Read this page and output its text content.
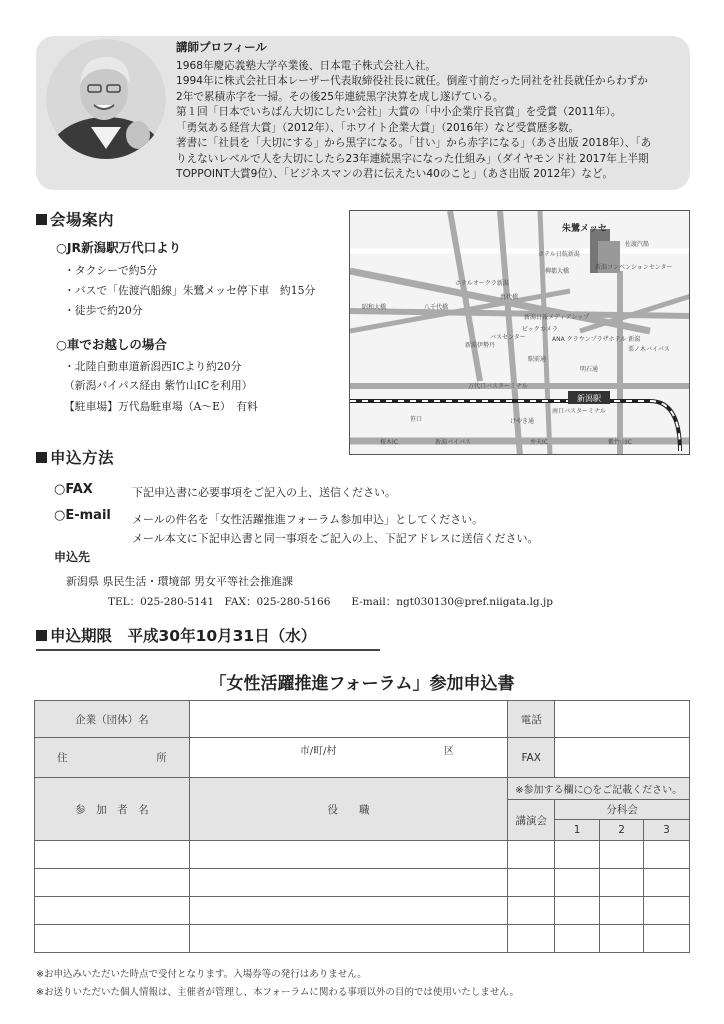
講師プロフィール
1968年慶応義塾大学卒業後、日本電子株式会社入社。
1994年に株式会社日本レーザー代表取締役社長に就任。倒産寸前だった同社を社長就任からわずか
2年で累積赤字を一掃。その後25年連続黒字決算を成し遂げている。
第１回「日本でいちばん大切にしたい会社」大賞の「中小企業庁長官賞」を受賞（2011年）。
「勇気ある経営大賞」（2012年）、「ホワイト企業大賞」（2016年）など受賞歴多数。
著書に「社員を「大切にする」から黒字になる。「甘い」から赤字になる」（あさ出版 2018年）、「あ
りえないレベルで人を大切にしたら23年連続黒字になった仕組み」（ダイヤモンド社 2017年上半期
TOPPOINT大賞9位）、「ビジネスマンの君に伝えたい40のこと」（あさ出版 2012年）など。
会場案内
○JR新潟駅万代口より
・タクシーで約5分
・バスで「佐渡汽船線」朱鷺メッセ停下車　約15分
・徒歩で約20分
○車でお越しの場合
・北陸自動車道新潟西ICより約20分
（新潟バイパス経由 紫竹山ICを利用）
【駐車場】万代島駐車場（A～E）　有料
新潟駅
朱鷺メッセ
ホテル日航新潟
新潟コンベンションセンター
佐渡汽船
柳都大橋
ホテルオークラ新潟
萬代橋
八千代橋
昭和大橋
新潟日報メディアシップ
ビックカメラ
ANA クラウンプラザホテル 新潟
バスセンター
新潟伊勢丹
万代口バスターミナル
南口バスターミナル
新潟バイパス
桜木IC	弁天IC	紫竹山IC
栗ノ木バイパス
明石通
駅前通
笹口	けやき通
申込方法
○FAX	下記申込書に必要事項をご記入の上、送信ください。
○E-mail メールの件名を「女性活躍推進フォーラム参加申込」としてください。
メール本文に下記申込書と同一事項をご記入の上、下記アドレスに送信ください。
申込先
新潟県 県民生活・環境部 男女平等社会推進課
TEL：025-280-5141　FAX：025-280-5166　　E-mail：ngt030130@pref.niigata.lg.jp
申込期限　平成30年10月31日（水）
「女性活躍推進フォーラム」参加申込書
企業（団体）名		電話			

住 所	市/町/村 区	FAX			
参　加　者　名	役　　職	※参加する欄に○をご記載ください。			
		講演会	分科会		
			1	2	3

※お申込みいただいた時点で受付となります。入場券等の発行はありません。
※お送りいただいた個人情報は、主催者が管理し、本フォーラムに関わる事項以外の目的では使用いたしません。
